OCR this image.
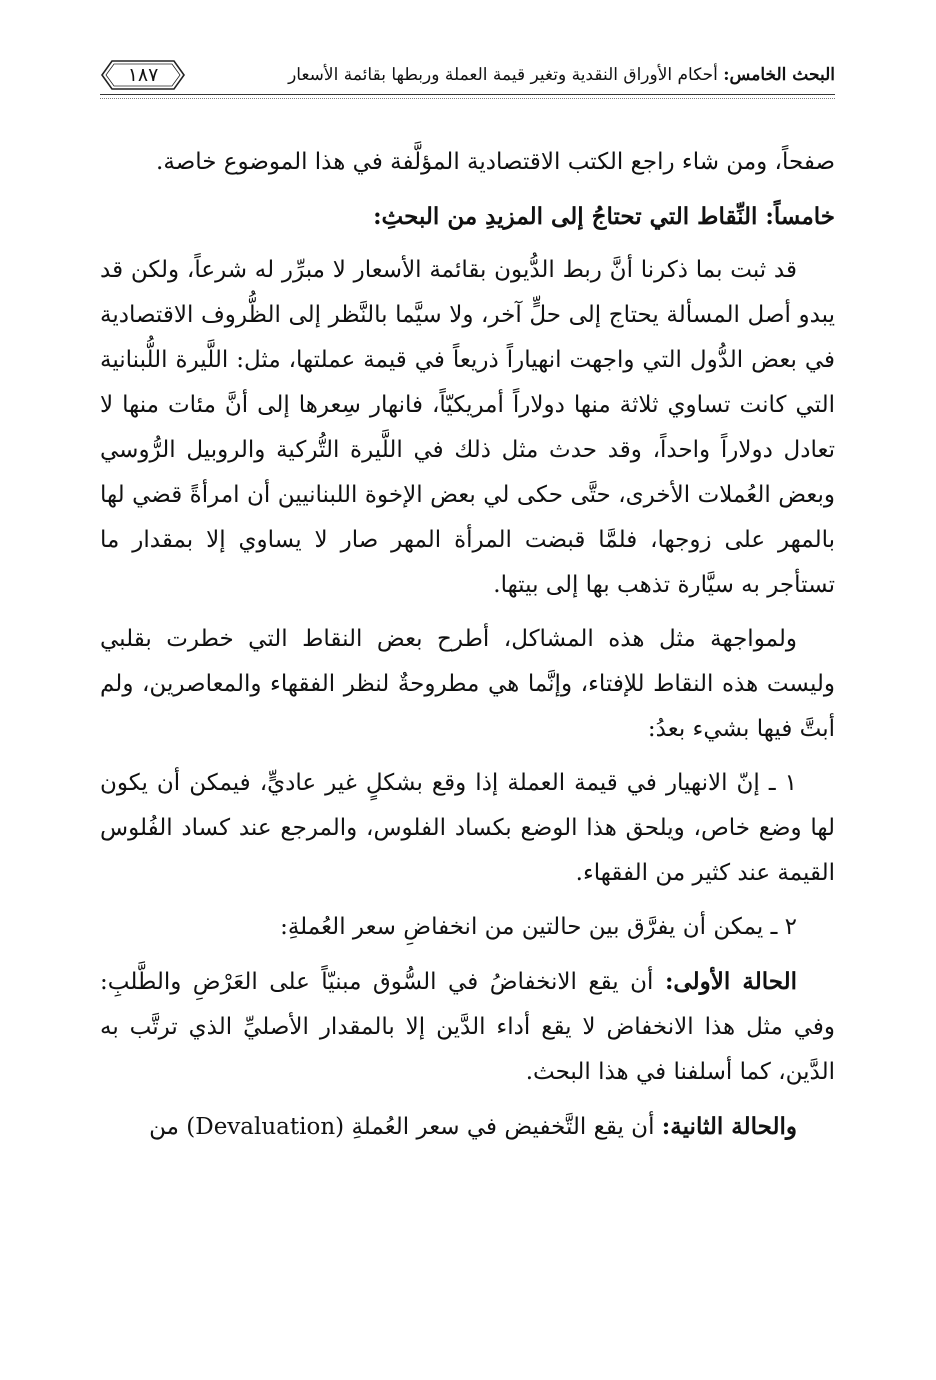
البحث الخامس: أحكام الأوراق النقدية وتغير قيمة العملة وربطها بقائمة الأسعار
١٨٧

صفحاً، ومن شاء راجع الكتب الاقتصادية المؤلَّفة في هذا الموضوع خاصة.

خامساً: النِّقاط التي تحتاجُ إلى المزيدِ من البحثِ:

قد ثبت بما ذكرنا أنَّ ربط الدُّيون بقائمة الأسعار لا مبرِّر له شرعاً، ولكن قد يبدو أصل المسألة يحتاج إلى حلٍّ آخر، ولا سيَّما بالنَّظر إلى الظُّروف الاقتصادية في بعض الدُّول التي واجهت انهياراً ذريعاً في قيمة عملتها، مثل: اللَّيرة اللُّبنانية التي كانت تساوي ثلاثة منها دولاراً أمريكيّاً، فانهار سِعرها إلى أنَّ مئات منها لا تعادل دولاراً واحداً، وقد حدث مثل ذلك في اللَّيرة التُّركية والروبيل الرُّوسي وبعض العُملات الأخرى، حتَّى حكى لي بعض الإخوة اللبنانيين أن امرأةً قضي لها بالمهر على زوجها، فلمَّا قبضت المرأة المهر صار لا يساوي إلا بمقدار ما تستأجر به سيَّارة تذهب بها إلى بيتها.

ولمواجهة مثل هذه المشاكل، أطرح بعض النقاط التي خطرت بقلبي وليست هذه النقاط للإفتاء، وإنَّما هي مطروحةٌ لنظر الفقهاء والمعاصرين، ولم أبتَّ فيها بشيء بعدُ:

١ ـ إنّ الانهيار في قيمة العملة إذا وقع بشكلٍ غير عاديٍّ، فيمكن أن يكون لها وضع خاص، ويلحق هذا الوضع بكساد الفلوس، والمرجع عند كساد الفُلوس القيمة عند كثير من الفقهاء.

٢ ـ يمكن أن يفرَّق بين حالتين من انخفاضِ سعر العُملةِ:

الحالة الأولى: أن يقع الانخفاضُ في السُّوق مبنيّاً على العَرْضِ والطَّلبِ: وفي مثل هذا الانخفاض لا يقع أداء الدَّين إلا بالمقدار الأصليِّ الذي ترتَّب به الدَّين، كما أسلفنا في هذا البحث.

والحالة الثانية: أن يقع التَّخفيض في سعر العُملةِ (Devaluation) من
